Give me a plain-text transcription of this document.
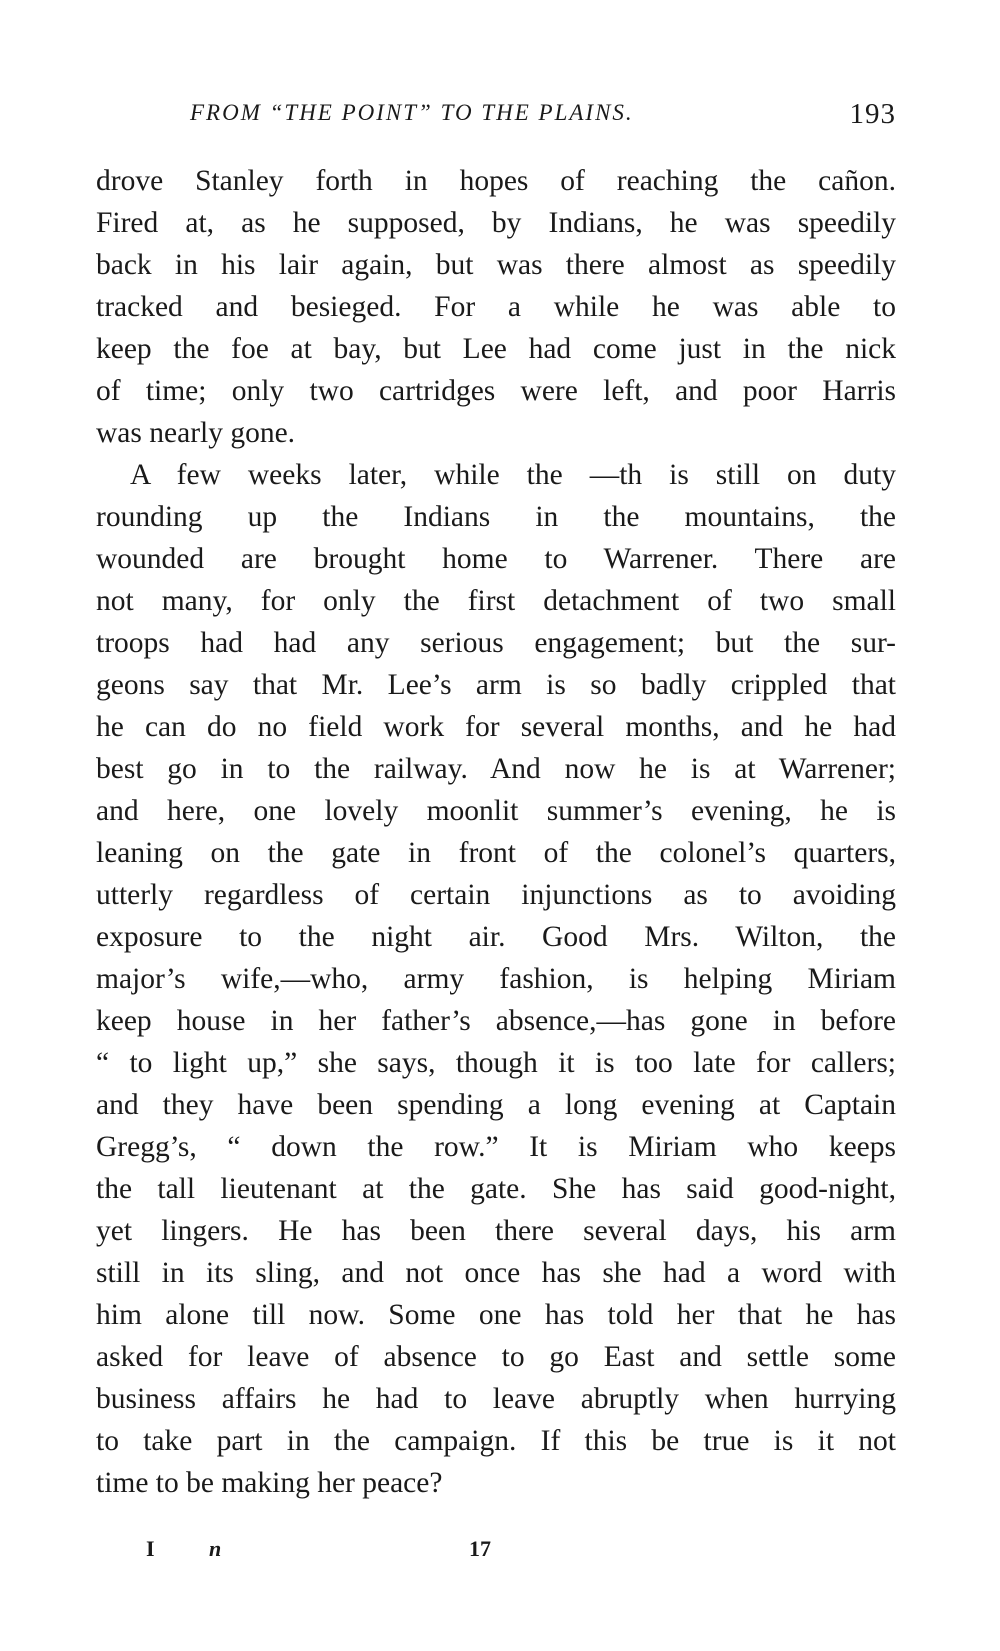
FROM “THE POINT” TO THE PLAINS.	193
drove Stanley forth in hopes of reaching the cañon.
Fired at, as he supposed, by Indians, he was speedily
back in his lair again, but was there almost as speedily
tracked and besieged. For a while he was able to
keep the foe at bay, but Lee had come just in the nick
of time; only two cartridges were left, and poor Harris
was nearly gone.
A few weeks later, while the —th is still on duty
rounding up the Indians in the mountains, the
wounded are brought home to Warrener. There are
not many, for only the first detachment of two small
troops had had any serious engagement; but the sur-
geons say that Mr. Lee’s arm is so badly crippled that
he can do no field work for several months, and he had
best go in to the railway. And now he is at Warrener;
and here, one lovely moonlit summer’s evening, he is
leaning on the gate in front of the colonel’s quarters,
utterly regardless of certain injunctions as to avoiding
exposure to the night air. Good Mrs. Wilton, the
major’s wife,—who, army fashion, is helping Miriam
keep house in her father’s absence,—has gone in before
“ to light up,” she says, though it is too late for callers;
and they have been spending a long evening at Captain
Gregg’s, “ down the row.” It is Miriam who keeps
the tall lieutenant at the gate. She has said good-night,
yet lingers. He has been there several days, his arm
still in its sling, and not once has she had a word with
him alone till now. Some one has told her that he has
asked for leave of absence to go East and settle some
business affairs he had to leave abruptly when hurrying
to take part in the campaign. If this be true is it not
time to be making her peace?
I n	17
